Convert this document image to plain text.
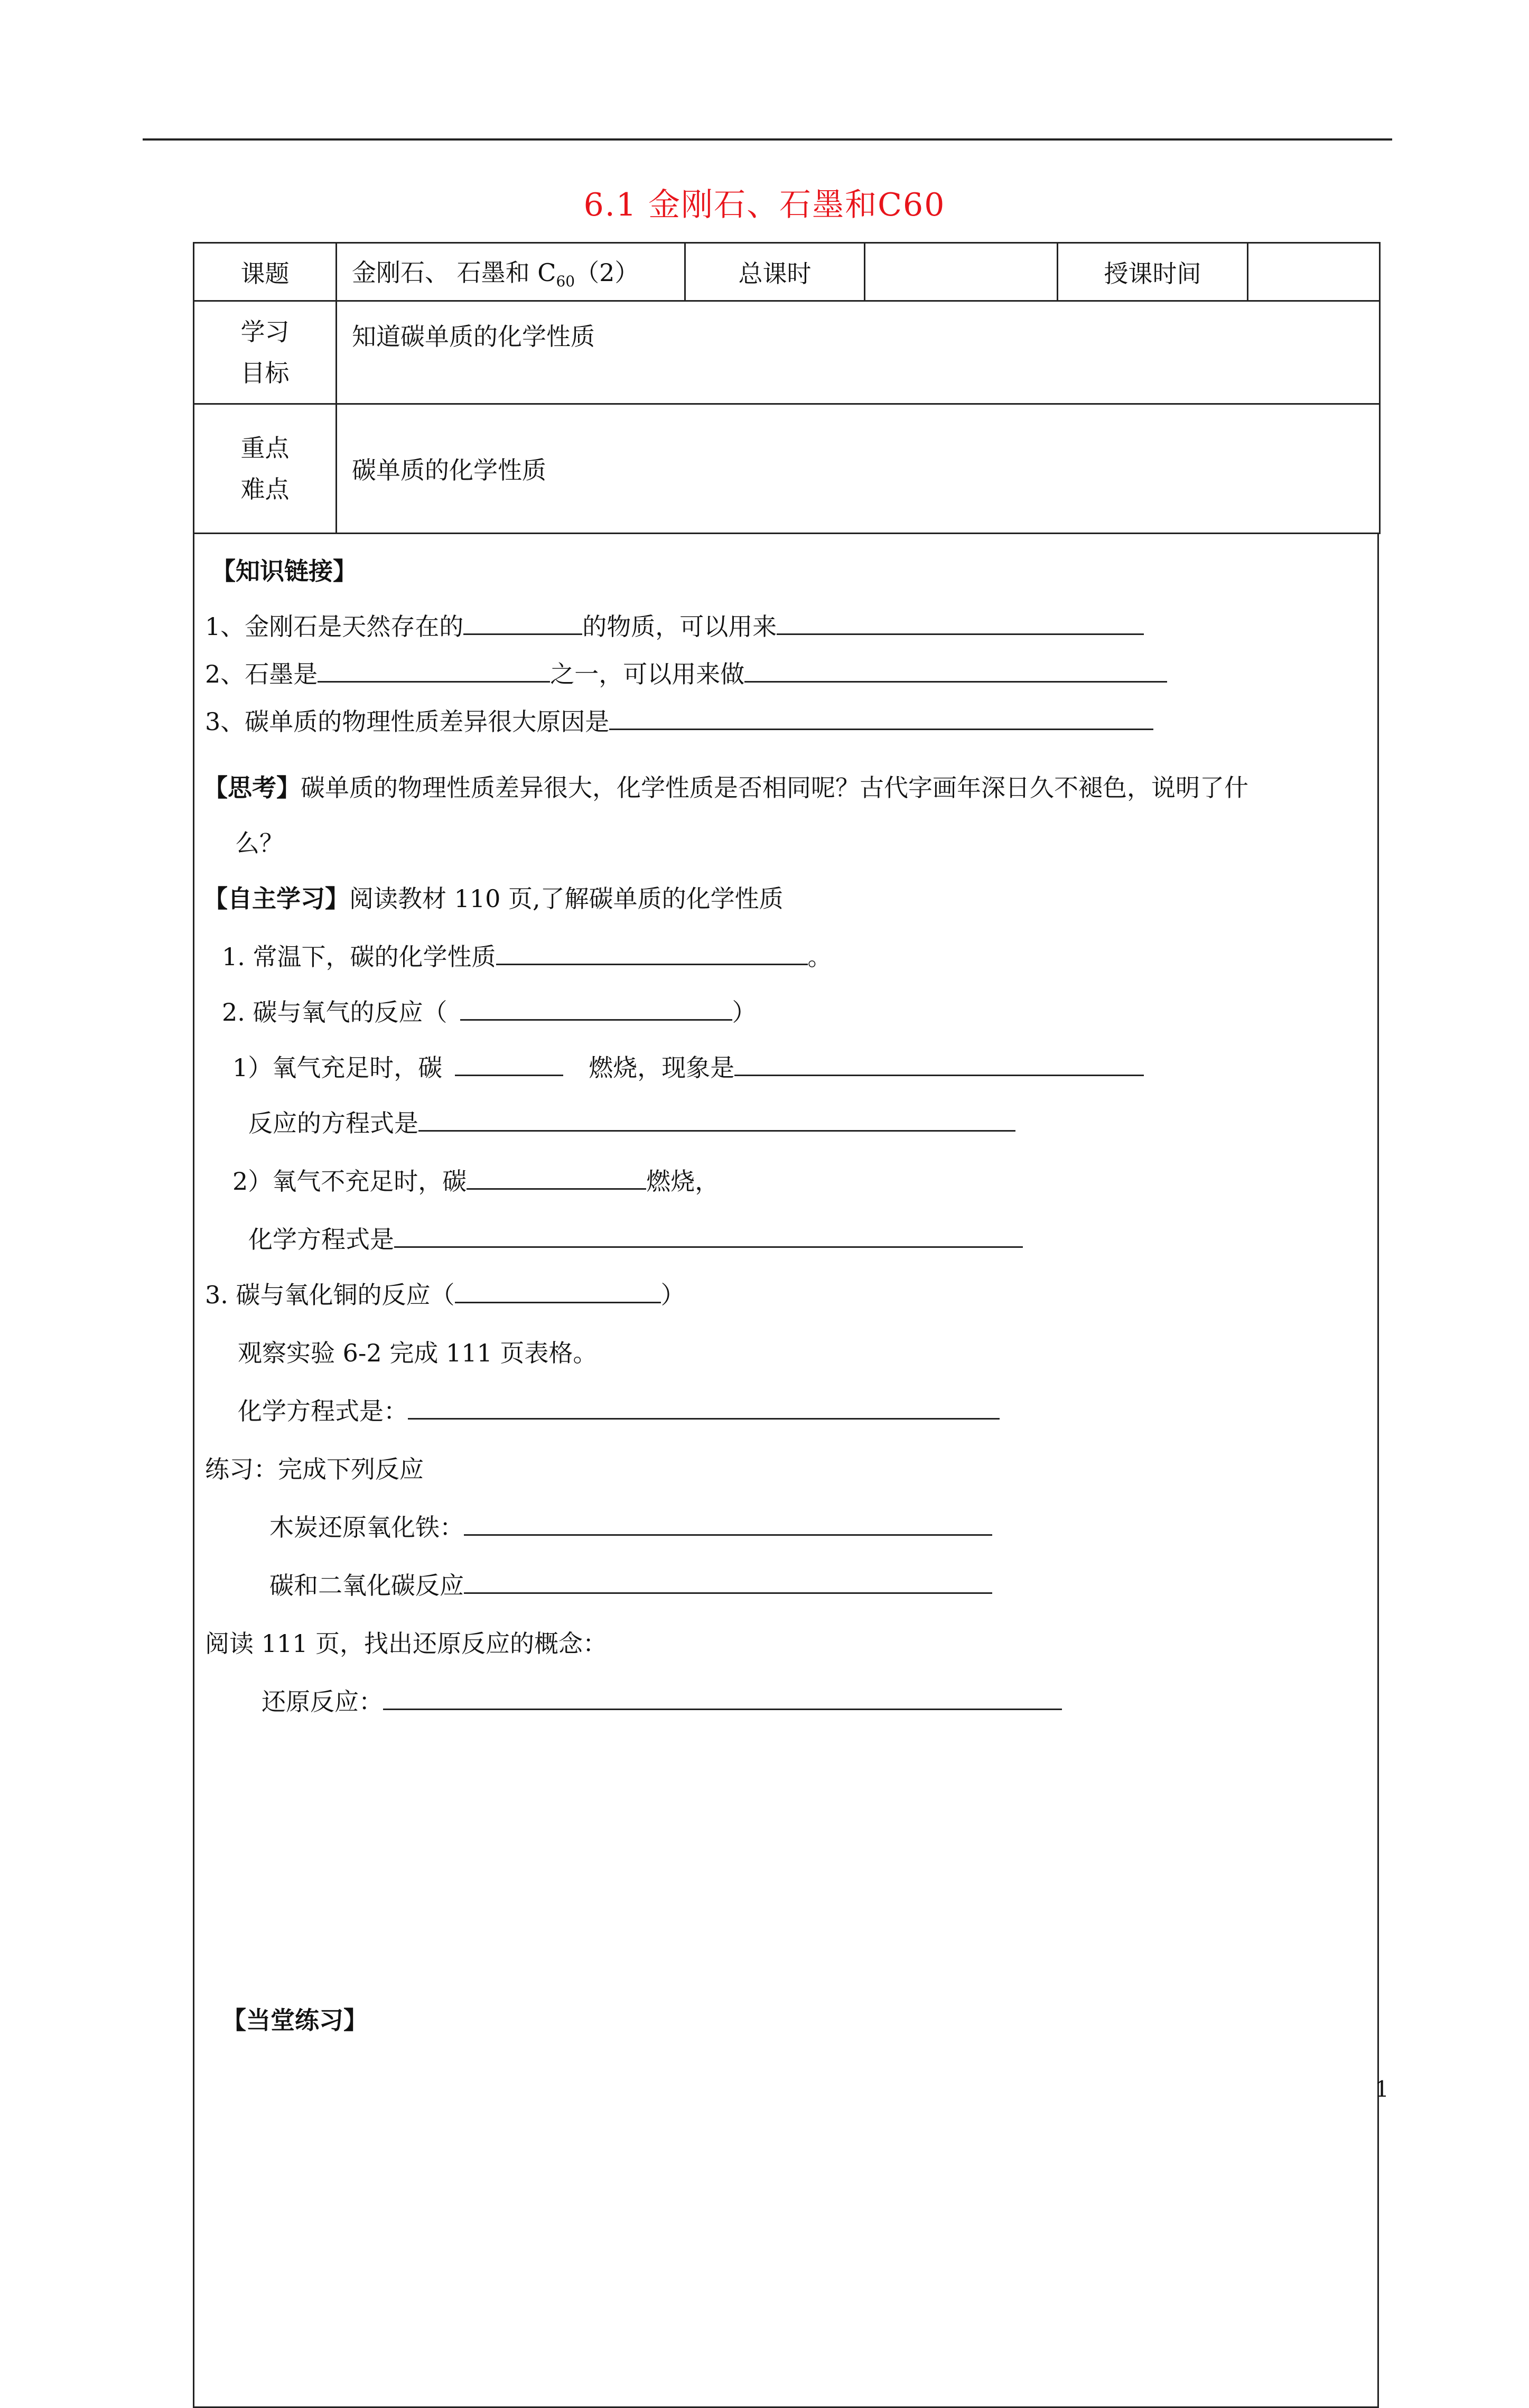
6.1 金刚石、石墨和C60
课题	金刚石、 石墨和 $C_{60}(2)$	总课时		授课时间	
学习
目标	知道碳单质的化学性质				
重点
难点	碳单质的化学性质				
【知识链接】
1、金刚石是天然存在的	的物质，可以用来
2、石墨是	之一，可以用来做
3、碳单质的物理性质差异很大原因是
【思考】碳单质的物理性质差异很大，化学性质是否相同呢？古代字画年深日久不褪色，说明了什
么？
【自主学习】阅读教材 110 页,了解碳单质的化学性质
1. 常温下，碳的化学性质	。
2. 碳与氧气的反应（	）
1）氧气充足时，碳	燃烧，现象是
反应的方程式是
2）氧气不充足时，碳	燃烧，
化学方程式是
3. 碳与氧化铜的反应（	）
观察实验 6-2 完成 111 页表格。
化学方程式是：
练习：完成下列反应
木炭还原氧化铁：
碳和二氧化碳反应
阅读 111 页，找出还原反应的概念：
还原反应：
【当堂练习】
1
